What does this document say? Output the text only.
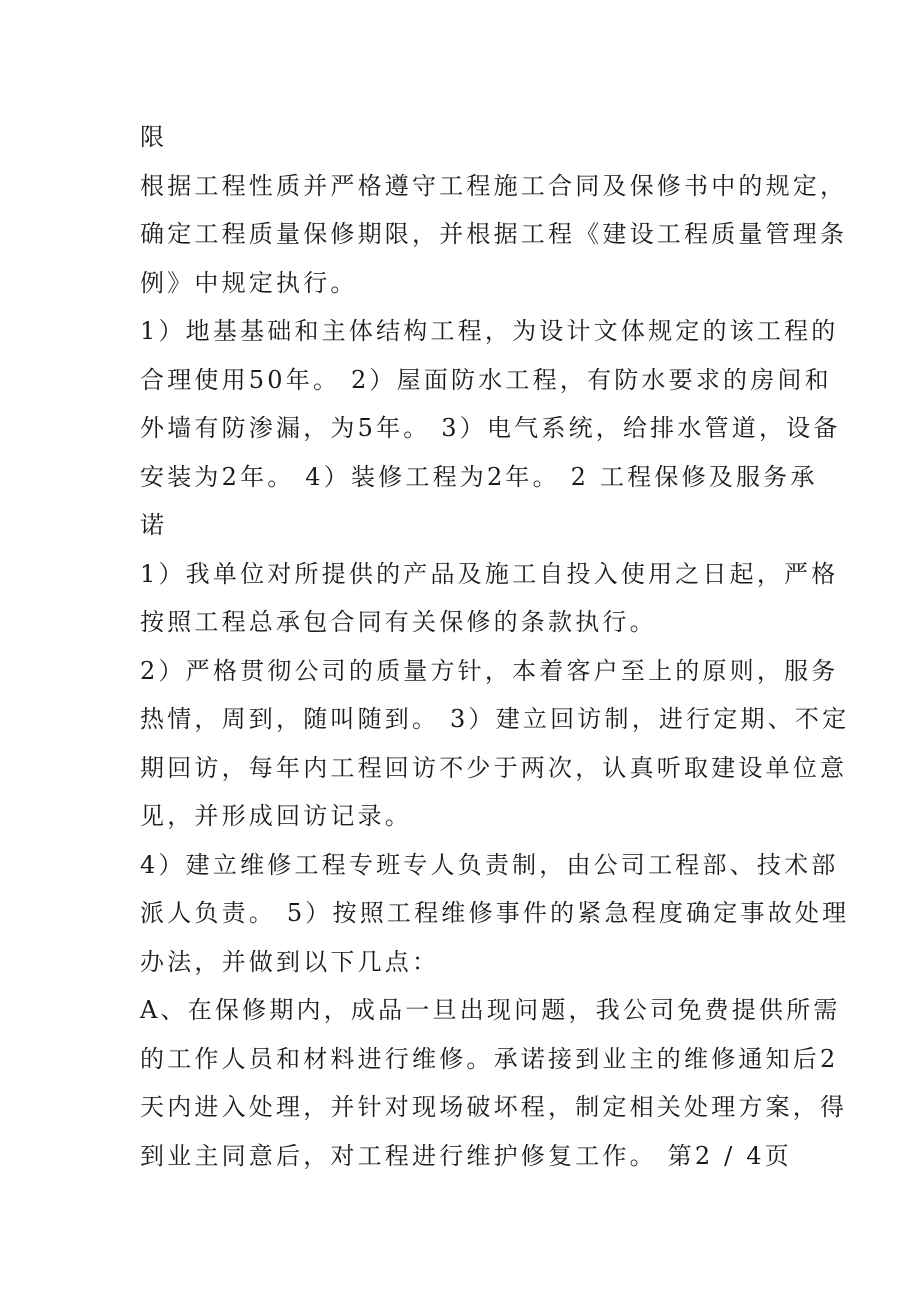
限
根据工程性质并严格遵守工程施工合同及保修书中的规定，
确定工程质量保修期限，并根据工程《建设工程质量管理条
例》中规定执行。
1）地基基础和主体结构工程，为设计文体规定的该工程的
合理使用50年。 2）屋面防水工程，有防水要求的房间和
外墙有防渗漏，为5年。 3）电气系统，给排水管道，设备
安装为2年。 4）装修工程为2年。 2 工程保修及服务承
诺
1）我单位对所提供的产品及施工自投入使用之日起，严格
按照工程总承包合同有关保修的条款执行。
2）严格贯彻公司的质量方针，本着客户至上的原则，服务
热情，周到，随叫随到。 3）建立回访制，进行定期、不定
期回访，每年内工程回访不少于两次，认真听取建设单位意
见，并形成回访记录。
4）建立维修工程专班专人负责制，由公司工程部、技术部
派人负责。 5）按照工程维修事件的紧急程度确定事故处理
办法，并做到以下几点：
A、在保修期内，成品一旦出现问题，我公司免费提供所需
的工作人员和材料进行维修。承诺接到业主的维修通知后2
天内进入处理，并针对现场破坏程，制定相关处理方案，得
到业主同意后，对工程进行维护修复工作。 第2 / 4页
